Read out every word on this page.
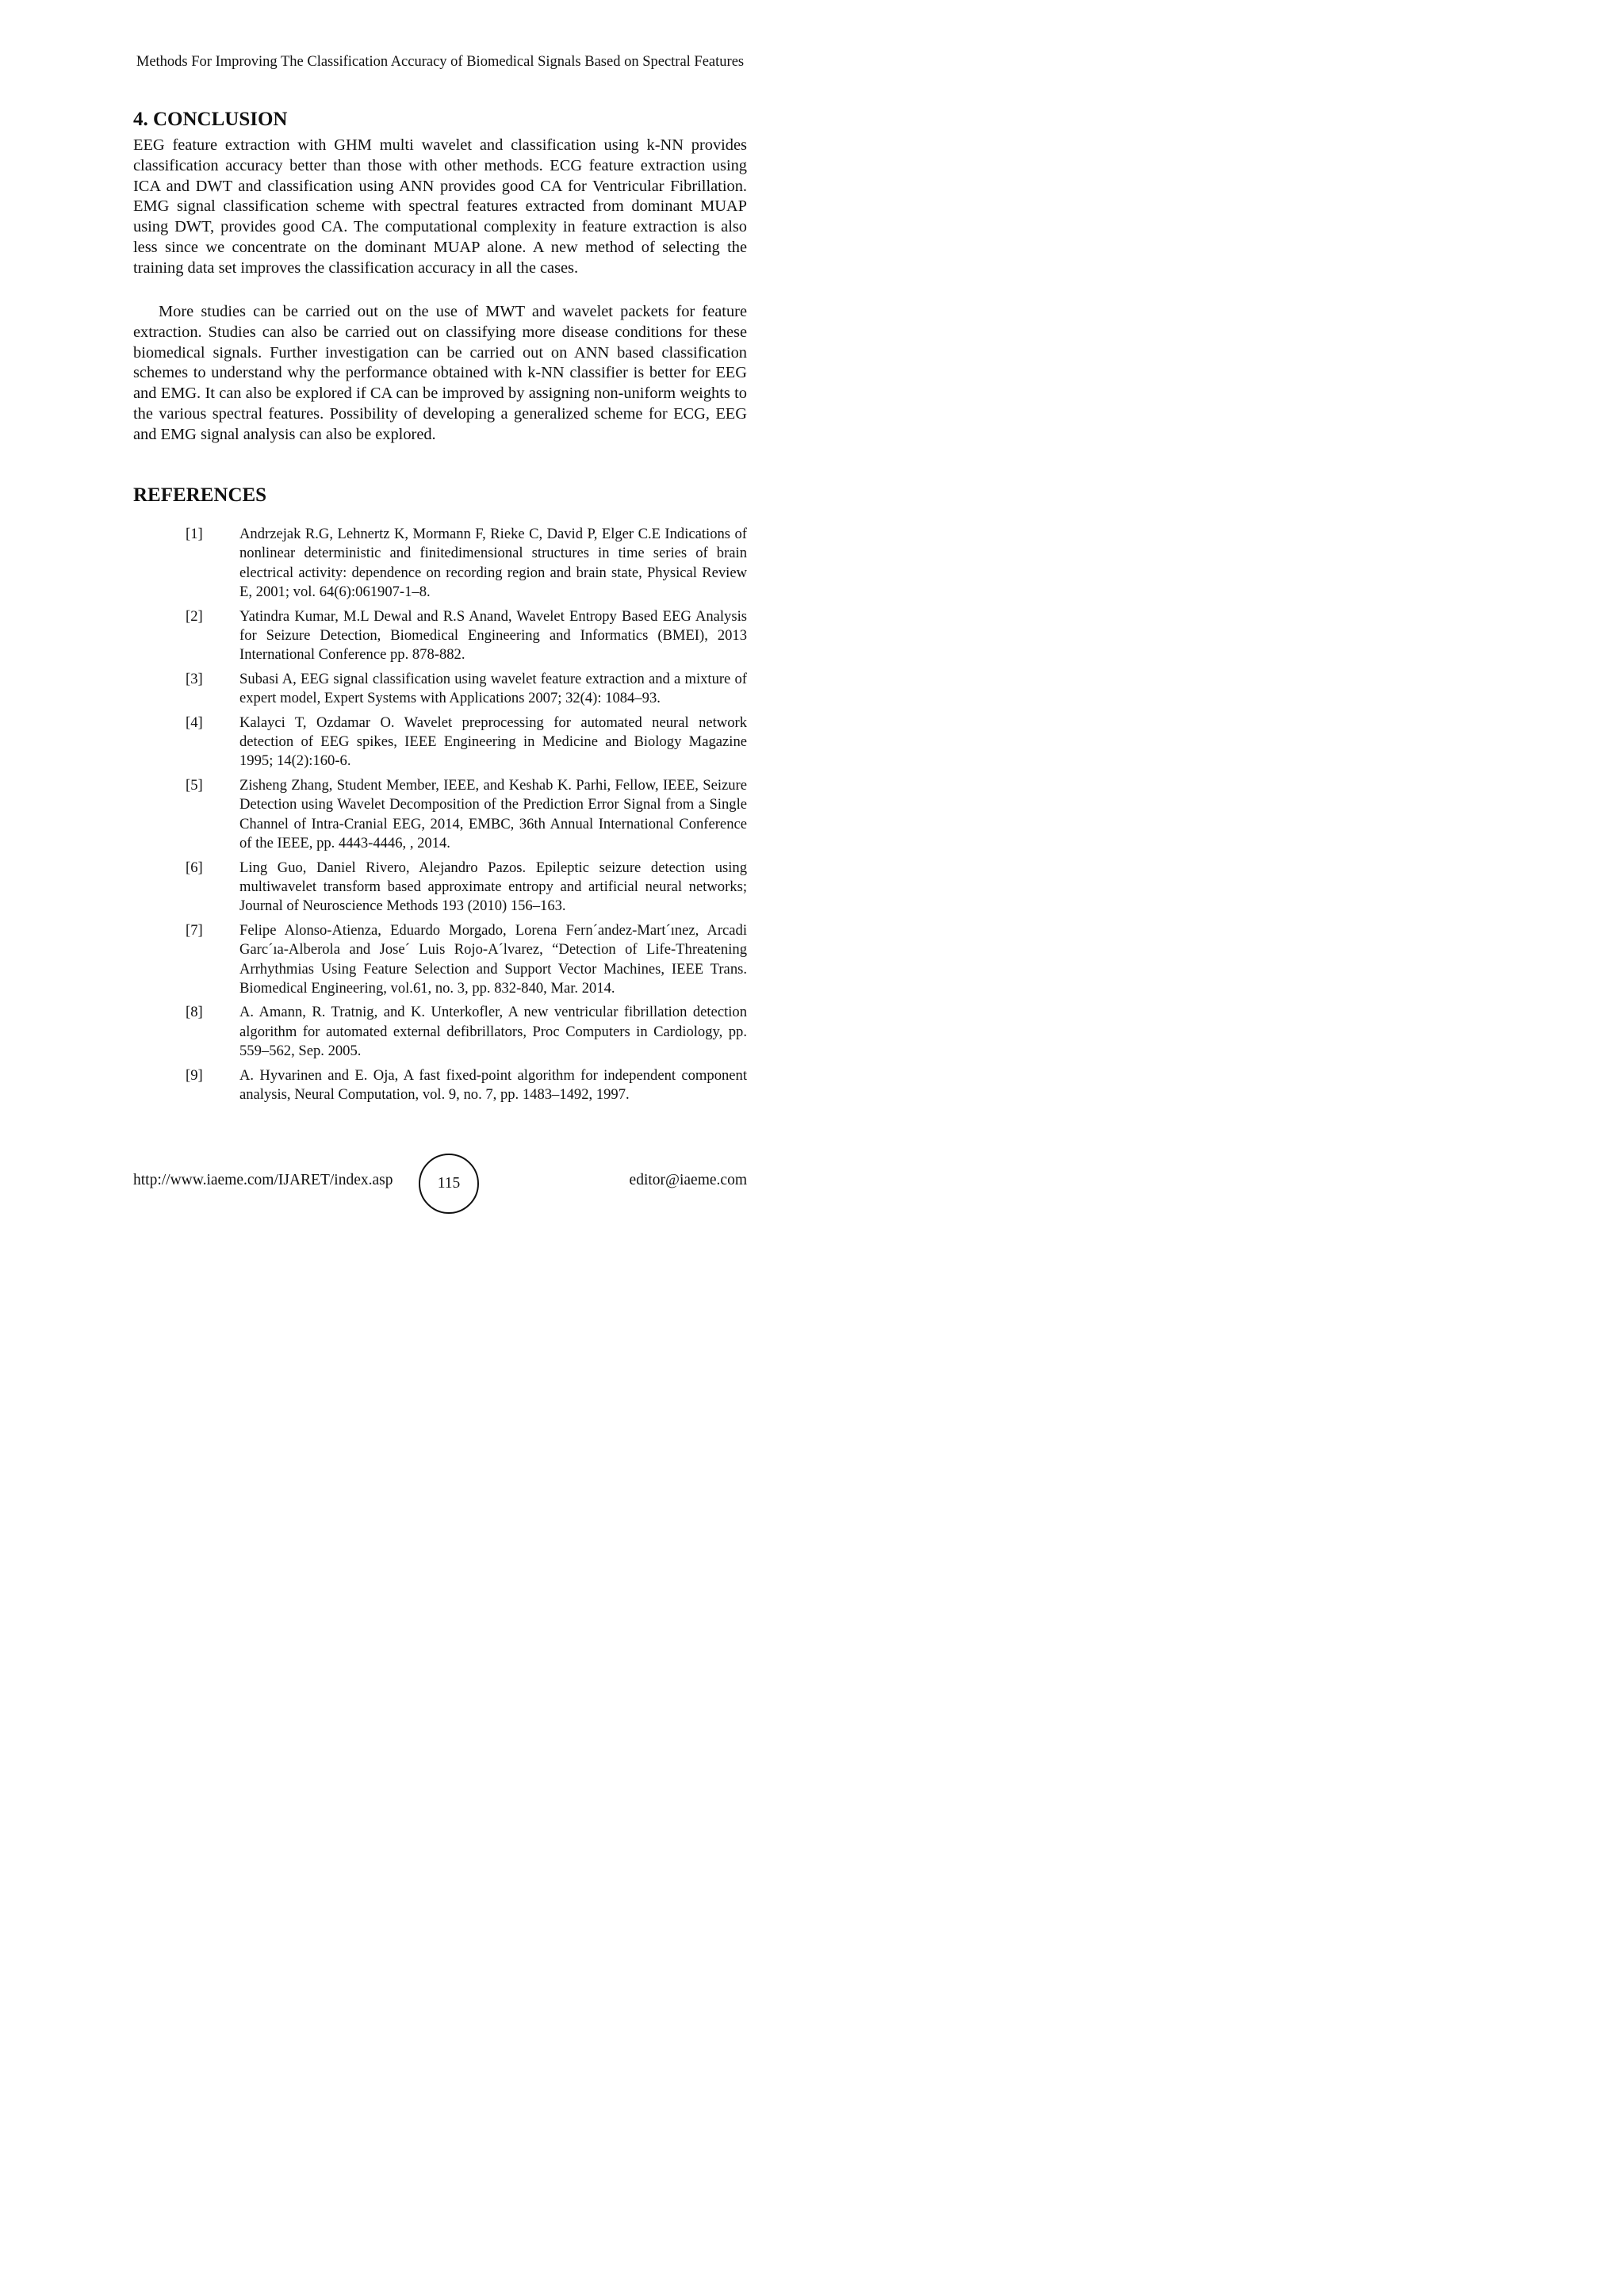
Methods For Improving The Classification Accuracy of Biomedical Signals Based on Spectral Features
4. CONCLUSION

EEG feature extraction with GHM multi wavelet and classification using k-NN provides classification accuracy better than those with other methods. ECG feature extraction using ICA and DWT and classification using ANN provides good CA for Ventricular Fibrillation. EMG signal classification scheme with spectral features extracted from dominant MUAP using DWT, provides good CA. The computational complexity in feature extraction is also less since we concentrate on the dominant MUAP alone. A new method of selecting the training data set improves the classification accuracy in all the cases.

More studies can be carried out on the use of MWT and wavelet packets for feature extraction. Studies can also be carried out on classifying more disease conditions for these biomedical signals. Further investigation can be carried out on ANN based classification schemes to understand why the performance obtained with k-NN classifier is better for EEG and EMG. It can also be explored if CA can be improved by assigning non-uniform weights to the various spectral features. Possibility of developing a generalized scheme for ECG, EEG and EMG signal analysis can also be explored.

REFERENCES
[1]	Andrzejak R.G, Lehnertz K, Mormann F, Rieke C, David P, Elger C.E Indications of nonlinear deterministic and finitedimensional structures in time series of brain electrical activity: dependence on recording region and brain state, Physical Review E, 2001; vol. 64(6):061907-1–8.
[2]	Yatindra Kumar, M.L Dewal and R.S Anand, Wavelet Entropy Based EEG Analysis for Seizure Detection, Biomedical Engineering and Informatics (BMEI), 2013 International Conference pp. 878-882.
[3]	Subasi A, EEG signal classification using wavelet feature extraction and a mixture of expert model, Expert Systems with Applications 2007; 32(4): 1084–93.
[4]	Kalayci T, Ozdamar O. Wavelet preprocessing for automated neural network detection of EEG spikes, IEEE Engineering in Medicine and Biology Magazine 1995; 14(2):160-6.
[5]	Zisheng Zhang, Student Member, IEEE, and Keshab K. Parhi, Fellow, IEEE, Seizure Detection using Wavelet Decomposition of the Prediction Error Signal from a Single Channel of Intra-Cranial EEG, 2014, EMBC, 36th Annual International Conference of the IEEE, pp. 4443-4446, , 2014.
[6]	Ling Guo, Daniel Rivero, Alejandro Pazos. Epileptic seizure detection using multiwavelet transform based approximate entropy and artificial neural networks; Journal of Neuroscience Methods 193 (2010) 156–163.
[7]	Felipe Alonso-Atienza, Eduardo Morgado, Lorena Fern´andez-Mart´ınez, Arcadi Garc´ıa-Alberola and Jose´ Luis Rojo-A´lvarez, “Detection of Life-Threatening Arrhythmias Using Feature Selection and Support Vector Machines, IEEE Trans. Biomedical Engineering, vol.61, no. 3, pp. 832-840, Mar. 2014.
[8]	A. Amann, R. Tratnig, and K. Unterkofler, A new ventricular fibrillation detection algorithm for automated external defibrillators, Proc Computers in Cardiology, pp. 559–562, Sep. 2005.
[9]	A. Hyvarinen and E. Oja, A fast fixed-point algorithm for independent component analysis, Neural Computation, vol. 9, no. 7, pp. 1483–1492, 1997.
http://www.iaeme.com/IJARET/index.asp	115	editor@iaeme.com
